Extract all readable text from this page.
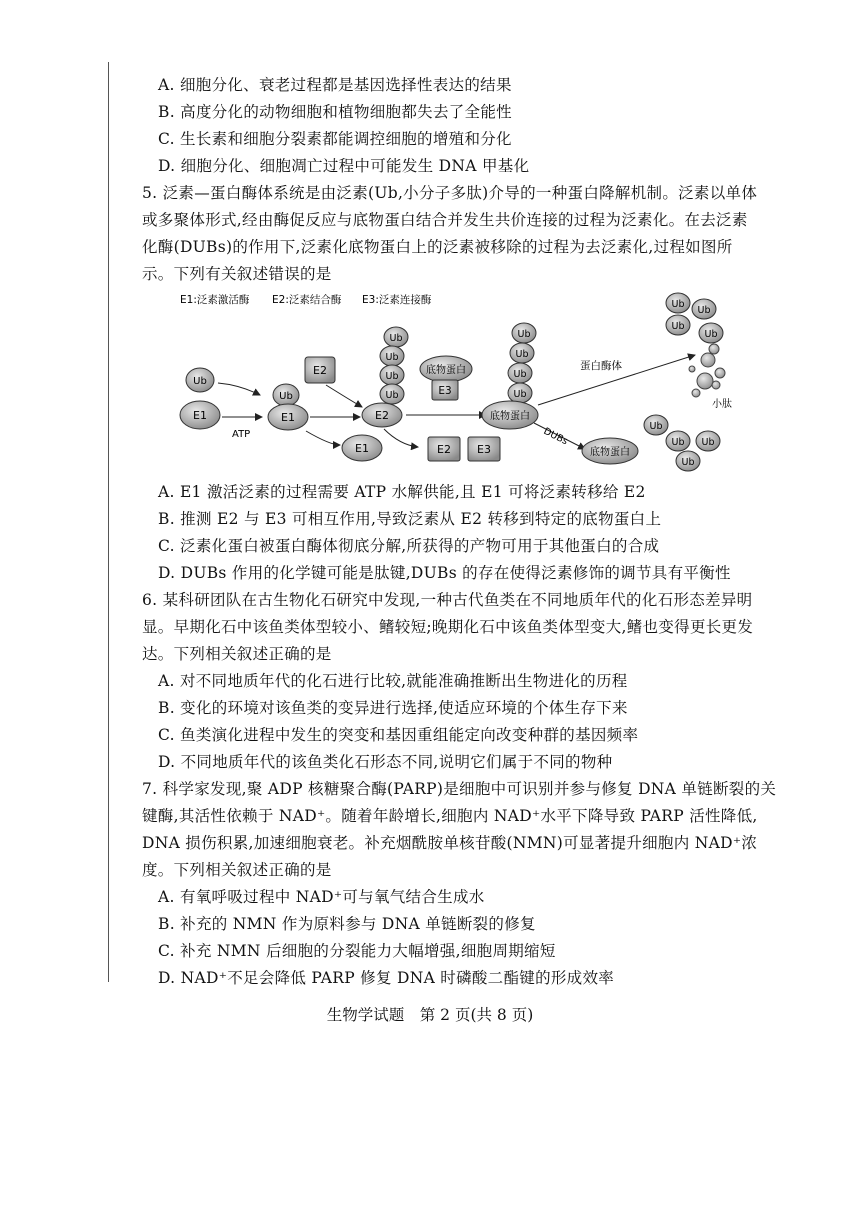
A. 细胞分化、衰老过程都是基因选择性表达的结果
B. 高度分化的动物细胞和植物细胞都失去了全能性
C. 生长素和细胞分裂素都能调控细胞的增殖和分化
D. 细胞分化、细胞凋亡过程中可能发生 DNA 甲基化
5. 泛素—蛋白酶体系统是由泛素(Ub,小分子多肽)介导的一种蛋白降解机制。泛素以单体
或多聚体形式,经由酶促反应与底物蛋白结合并发生共价连接的过程为泛素化。在去泛素
化酶(DUBs)的作用下,泛素化底物蛋白上的泛素被移除的过程为去泛素化,过程如图所
示。下列有关叙述错误的是
E1:泛素激活酶 E2:泛素结合酶 E3:泛素连接酶
Ub
E1
ATP
Ub
E1
E2
E1
Ub
Ub
Ub
Ub
E2
底物蛋白
E3
E2 E3
Ub
Ub
Ub
Ub
底物蛋白
蛋白酶体
DUBs
底物蛋白
Ub
Ub
Ub
Ub
小肽
Ub
Ub Ub
Ub
A. E1 激活泛素的过程需要 ATP 水解供能,且 E1 可将泛素转移给 E2
B. 推测 E2 与 E3 可相互作用,导致泛素从 E2 转移到特定的底物蛋白上
C. 泛素化蛋白被蛋白酶体彻底分解,所获得的产物可用于其他蛋白的合成
D. DUBs 作用的化学键可能是肽键,DUBs 的存在使得泛素修饰的调节具有平衡性
6. 某科研团队在古生物化石研究中发现,一种古代鱼类在不同地质年代的化石形态差异明
显。早期化石中该鱼类体型较小、鳍较短;晚期化石中该鱼类体型变大,鳍也变得更长更发
达。下列相关叙述正确的是
A. 对不同地质年代的化石进行比较,就能准确推断出生物进化的历程
B. 变化的环境对该鱼类的变异进行选择,使适应环境的个体生存下来
C. 鱼类演化进程中发生的突变和基因重组能定向改变种群的基因频率
D. 不同地质年代的该鱼类化石形态不同,说明它们属于不同的物种
7. 科学家发现,聚 ADP 核糖聚合酶(PARP)是细胞中可识别并参与修复 DNA 单链断裂的关
键酶,其活性依赖于 NAD⁺。随着年龄增长,细胞内 NAD⁺水平下降导致 PARP 活性降低,
DNA 损伤积累,加速细胞衰老。补充烟酰胺单核苷酸(NMN)可显著提升细胞内 NAD⁺浓
度。下列相关叙述正确的是
A. 有氧呼吸过程中 NAD⁺可与氧气结合生成水
B. 补充的 NMN 作为原料参与 DNA 单链断裂的修复
C. 补充 NMN 后细胞的分裂能力大幅增强,细胞周期缩短
D. NAD⁺不足会降低 PARP 修复 DNA 时磷酸二酯键的形成效率
生物学试题　第 2 页(共 8 页)
